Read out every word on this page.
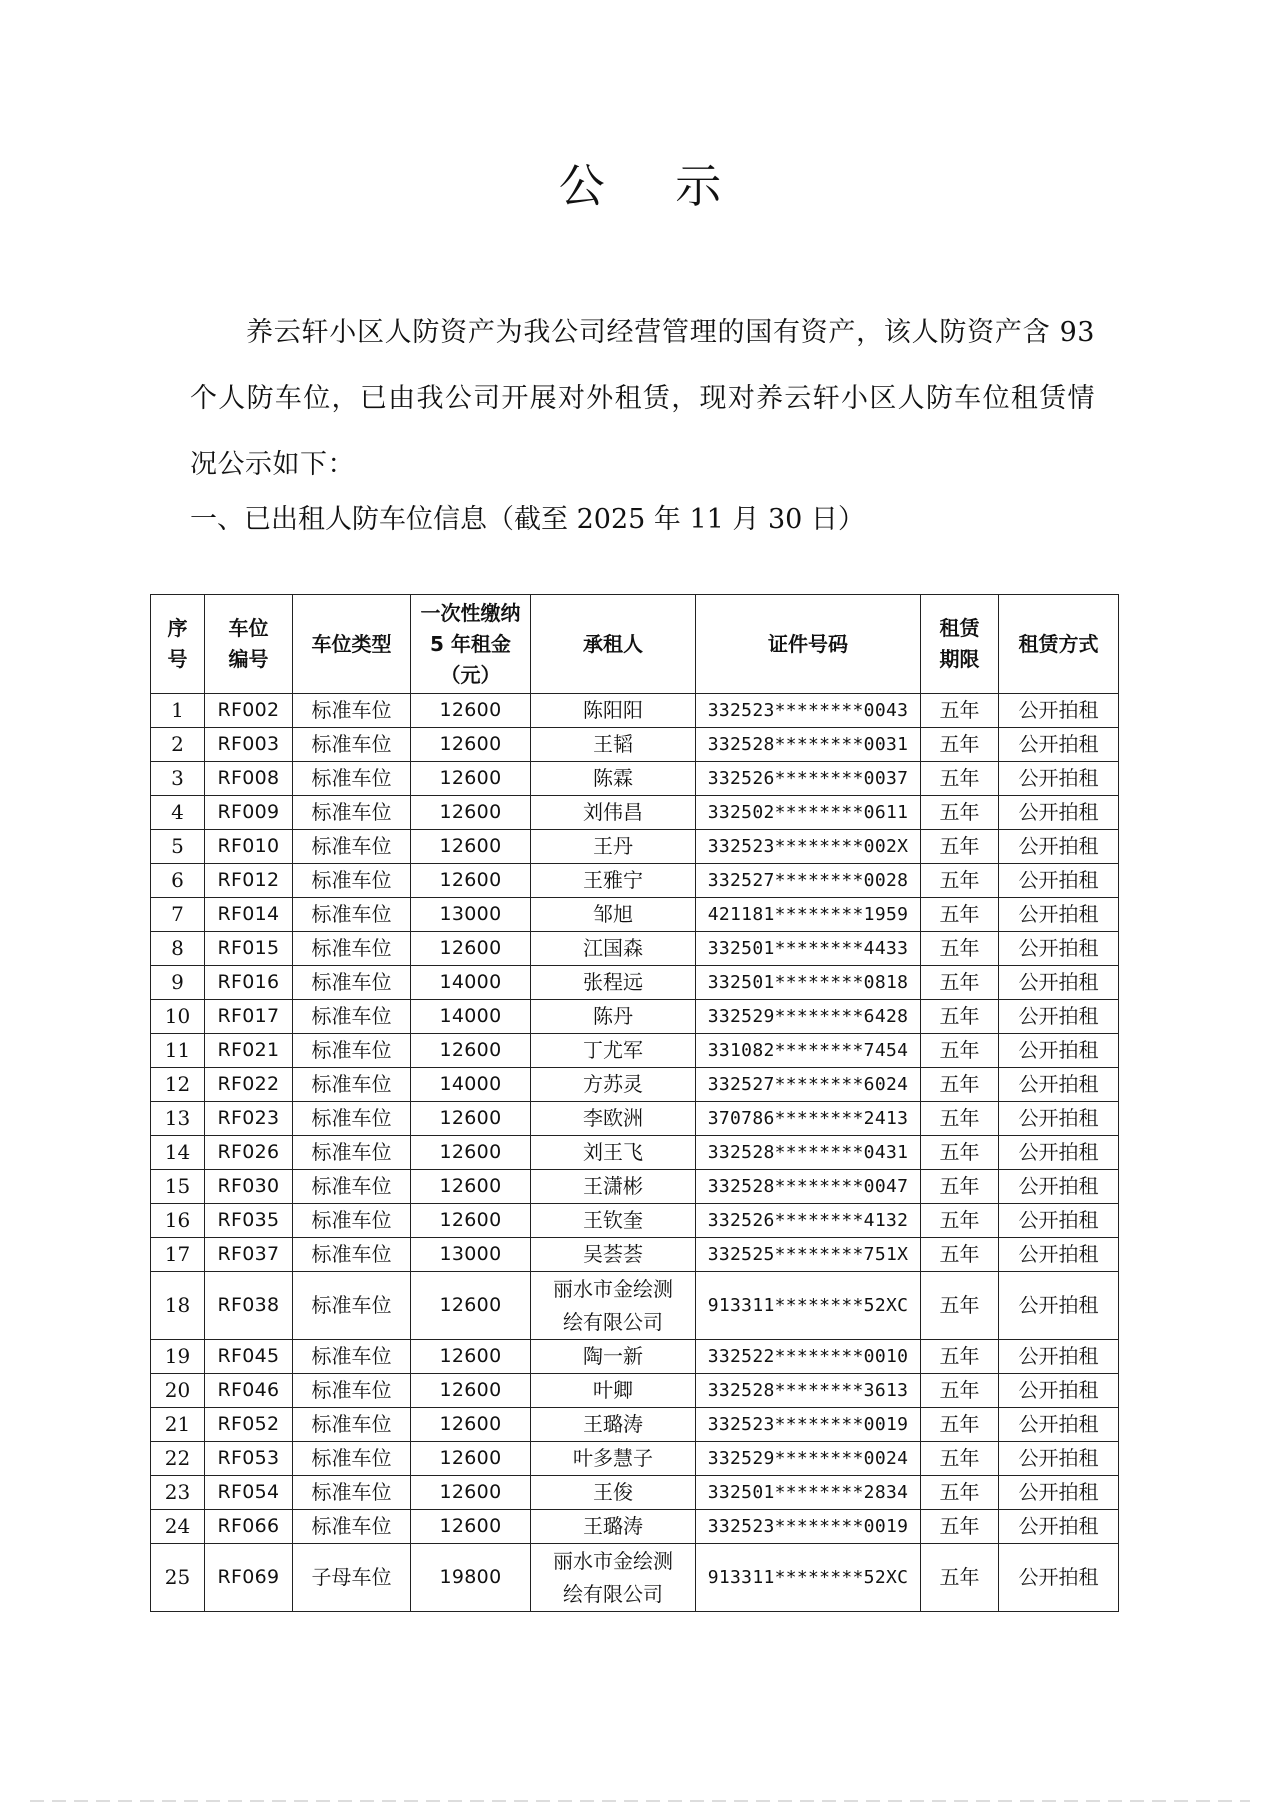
公 示
养云轩小区人防资产为我公司经营管理的国有资产，该人防资产含 93 个人防车位，已由我公司开展对外租赁，现对养云轩小区人防车位租赁情况公示如下：
一、已出租人防车位信息（截至 2025 年 11 月 30 日）
序号	车位编号	车位类型	一次性缴纳 5 年租金（元）	承租人	证件号码	租赁期限	租赁方式
1	RF002	标准车位	12600	陈阳阳	332523********0043	五年	公开拍租
2	RF003	标准车位	12600	王韬	332528********0031	五年	公开拍租
3	RF008	标准车位	12600	陈霖	332526********0037	五年	公开拍租
4	RF009	标准车位	12600	刘伟昌	332502********0611	五年	公开拍租
5	RF010	标准车位	12600	王丹	332523********002X	五年	公开拍租
6	RF012	标准车位	12600	王雅宁	332527********0028	五年	公开拍租
7	RF014	标准车位	13000	邹旭	421181********1959	五年	公开拍租
8	RF015	标准车位	12600	江国森	332501********4433	五年	公开拍租
9	RF016	标准车位	14000	张程远	332501********0818	五年	公开拍租
10	RF017	标准车位	14000	陈丹	332529********6428	五年	公开拍租
11	RF021	标准车位	12600	丁尤军	331082********7454	五年	公开拍租
12	RF022	标准车位	14000	方苏灵	332527********6024	五年	公开拍租
13	RF023	标准车位	12600	李欧洲	370786********2413	五年	公开拍租
14	RF026	标准车位	12600	刘王飞	332528********0431	五年	公开拍租
15	RF030	标准车位	12600	王潇彬	332528********0047	五年	公开拍租
16	RF035	标准车位	12600	王钦奎	332526********4132	五年	公开拍租
17	RF037	标准车位	13000	吴荟荟	332525********751X	五年	公开拍租
18	RF038	标准车位	12600	丽水市金绘测绘有限公司	913311********52XC	五年	公开拍租
19	RF045	标准车位	12600	陶一新	332522********0010	五年	公开拍租
20	RF046	标准车位	12600	叶卿	332528********3613	五年	公开拍租
21	RF052	标准车位	12600	王璐涛	332523********0019	五年	公开拍租
22	RF053	标准车位	12600	叶多慧子	332529********0024	五年	公开拍租
23	RF054	标准车位	12600	王俊	332501********2834	五年	公开拍租
24	RF066	标准车位	12600	王璐涛	332523********0019	五年	公开拍租
25	RF069	子母车位	19800	丽水市金绘测绘有限公司	913311********52XC	五年	公开拍租
